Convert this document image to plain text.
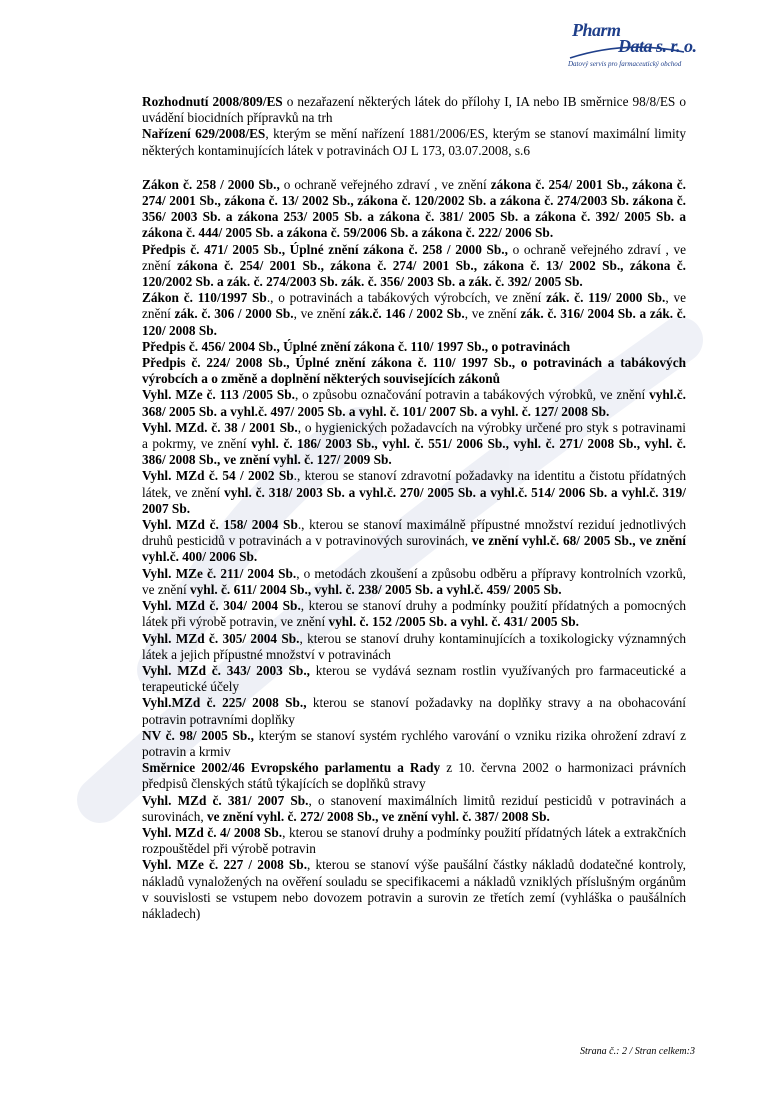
Pharm
Data s. r. o.
Datový servis pro farmaceutický obchod

Rozhodnutí 2008/809/ES o nezařazení některých látek do přílohy I, IA nebo IB směrnice 98/8/ES o uvádění biocidních přípravků na trh

Nařízení 629/2008/ES, kterým se mění nařízení 1881/2006/ES, kterým se stanoví maximální limity některých kontaminujících látek v potravinách OJ L 173, 03.07.2008, s.6

Zákon č. 258 / 2000 Sb., o ochraně veřejného zdraví , ve znění zákona č. 254/ 2001 Sb., zákona č. 274/ 2001 Sb., zákona č. 13/ 2002 Sb., zákona č. 120/2002 Sb. a zákona č. 274/2003 Sb. zákona č. 356/ 2003 Sb. a zákona 253/ 2005 Sb. a zákona č. 381/ 2005 Sb. a zákona č. 392/ 2005 Sb. a zákona č. 444/ 2005 Sb. a zákona č. 59/2006 Sb. a zákona č. 222/ 2006 Sb.

Předpis č. 471/ 2005 Sb., Úplné znění zákona č. 258 / 2000 Sb., o ochraně veřejného zdraví , ve znění zákona č. 254/ 2001 Sb., zákona č. 274/ 2001 Sb., zákona č. 13/ 2002 Sb., zákona č. 120/2002 Sb. a zák. č. 274/2003 Sb. zák. č. 356/ 2003 Sb. a zák. č. 392/ 2005 Sb.

Zákon č. 110/1997 Sb., o potravinách a tabákových výrobcích, ve znění zák. č. 119/ 2000 Sb., ve znění zák. č. 306 / 2000 Sb., ve znění zák.č. 146 / 2002 Sb., ve znění zák. č. 316/ 2004 Sb. a zák. č. 120/ 2008 Sb.

Předpis č. 456/ 2004 Sb., Úplné znění zákona č. 110/ 1997 Sb., o potravinách

Předpis č. 224/ 2008 Sb., Úplné znění zákona č. 110/ 1997 Sb., o potravinách a tabákových výrobcích a o změně a doplnění některých souvisejících zákonů

Vyhl. MZe č. 113 /2005 Sb., o způsobu označování potravin a tabákových výrobků, ve znění vyhl.č. 368/ 2005 Sb. a vyhl.č. 497/ 2005 Sb. a vyhl. č. 101/ 2007 Sb. a vyhl. č. 127/ 2008 Sb.

Vyhl. MZd. č. 38 / 2001 Sb., o hygienických požadavcích na výrobky určené pro styk s potravinami a pokrmy, ve znění vyhl. č. 186/ 2003 Sb., vyhl. č. 551/ 2006 Sb., vyhl. č. 271/ 2008 Sb., vyhl. č. 386/ 2008 Sb., ve znění vyhl. č. 127/ 2009 Sb.

Vyhl. MZd č. 54 / 2002 Sb., kterou se stanoví zdravotní požadavky na identitu a čistotu přídatných látek, ve znění vyhl. č. 318/ 2003 Sb. a vyhl.č. 270/ 2005 Sb. a vyhl.č. 514/ 2006 Sb. a vyhl.č. 319/ 2007 Sb.

Vyhl. MZd č. 158/ 2004 Sb., kterou se stanoví maximálně přípustné množství reziduí jednotlivých druhů pesticidů v potravinách a v potravinových surovinách, ve znění vyhl.č. 68/ 2005 Sb., ve znění vyhl.č. 400/ 2006 Sb.

Vyhl. MZe č. 211/ 2004 Sb., o metodách zkoušení a způsobu odběru a přípravy kontrolních vzorků, ve znění vyhl. č. 611/ 2004 Sb., vyhl. č. 238/ 2005 Sb. a vyhl.č. 459/ 2005 Sb.

Vyhl. MZd č. 304/ 2004 Sb., kterou se stanoví druhy a podmínky použití přídatných a pomocných látek při výrobě potravin, ve znění vyhl. č. 152 /2005 Sb. a vyhl. č. 431/ 2005 Sb.

Vyhl. MZd č. 305/ 2004 Sb., kterou se stanoví druhy kontaminujících a toxikologicky významných látek a jejich přípustné množství v potravinách

Vyhl. MZd č. 343/ 2003 Sb., kterou se vydává seznam rostlin využívaných pro farmaceutické a terapeutické účely

Vyhl.MZd č. 225/ 2008 Sb., kterou se stanoví požadavky na doplňky stravy a na obohacování potravin potravními doplňky

NV č. 98/ 2005 Sb., kterým se stanoví systém rychlého varování o vzniku rizika ohrožení zdraví z potravin a krmiv

Směrnice 2002/46 Evropského parlamentu a Rady z 10. června 2002 o harmonizaci právních předpisů členských států týkajících se doplňků stravy

Vyhl. MZd č. 381/ 2007 Sb., o stanovení maximálních limitů reziduí pesticidů v potravinách a surovinách, ve znění vyhl. č. 272/ 2008 Sb., ve znění vyhl. č. 387/ 2008 Sb.

Vyhl. MZd č. 4/ 2008 Sb., kterou se stanoví druhy a podmínky použití přídatných látek a extrakčních rozpouštědel při výrobě potravin

Vyhl. MZe č. 227 / 2008 Sb., kterou se stanoví výše paušální částky nákladů dodatečné kontroly, nákladů vynaložených na ověření souladu se specifikacemi a nákladů vzniklých příslušným orgánům v souvislosti se vstupem nebo dovozem potravin a surovin ze třetích zemí (vyhláška o paušálních nákladech)

Strana č.: 2 / Stran celkem:3
